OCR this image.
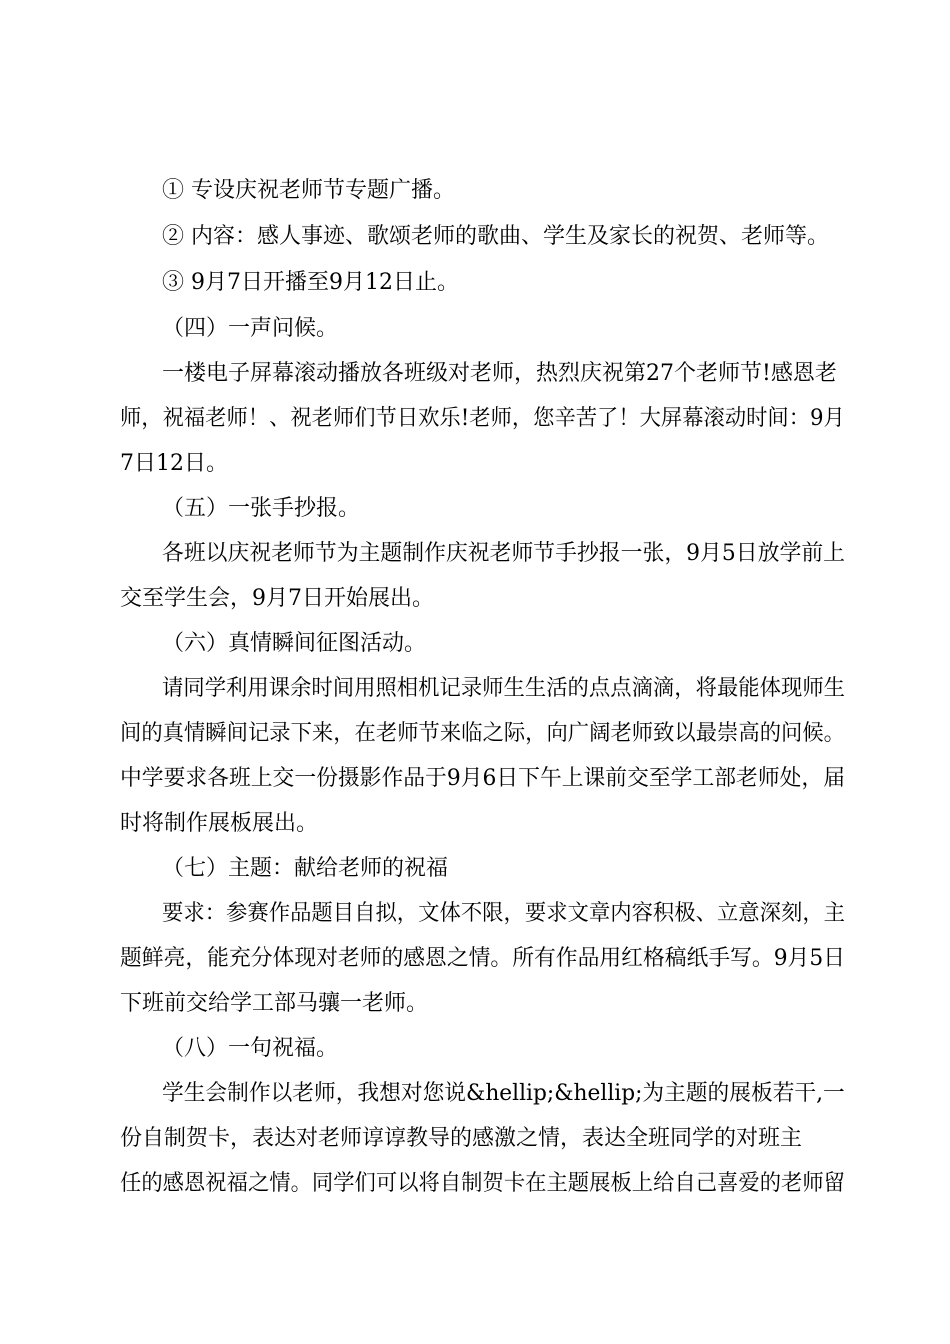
① 专设庆祝老师节专题广播。
② 内容：感人事迹、歌颂老师的歌曲、学生及家长的祝贺、老师等。
③ 9月7日开播至9月12日止。
（四）一声问候。
一楼电子屏幕滚动播放各班级对老师，热烈庆祝第27个老师节!感恩老
师，祝福老师！、祝老师们节日欢乐!老师，您辛苦了！大屏幕滚动时间：9月
7日12日。
（五）一张手抄报。
各班以庆祝老师节为主题制作庆祝老师节手抄报一张，9月5日放学前上
交至学生会，9月7日开始展出。
（六）真情瞬间征图活动。
请同学利用课余时间用照相机记录师生生活的点点滴滴，将最能体现师生
间的真情瞬间记录下来，在老师节来临之际，向广阔老师致以最崇高的问候。
中学要求各班上交一份摄影作品于9月6日下午上课前交至学工部老师处，届
时将制作展板展出。
（七）主题：献给老师的祝福
要求：参赛作品题目自拟，文体不限，要求文章内容积极、立意深刻，主
题鲜亮，能充分体现对老师的感恩之情。所有作品用红格稿纸手写。9月5日
下班前交给学工部马骧一老师。
（八）一句祝福。
学生会制作以老师，我想对您说&hellip;&hellip;为主题的展板若干,一
份自制贺卡，表达对老师谆谆教导的感激之情，表达全班同学的对班主
任的感恩祝福之情。同学们可以将自制贺卡在主题展板上给自己喜爱的老师留
